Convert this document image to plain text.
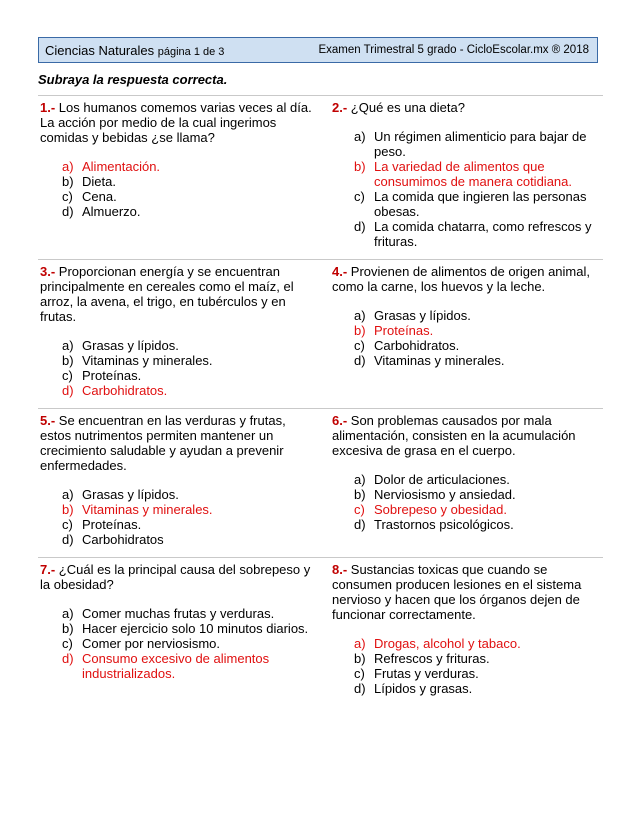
Ciencias Naturales página 1 de 3	Examen Trimestral 5 grado - CicloEscolar.mx ® 2018
Subraya la respuesta correcta.

1.- Los humanos comemos varias veces al día. La acción por medio de la cual ingerimos comidas y bebidas ¿se llama?

a) Alimentación.
b) Dieta.
c) Cena.
d) Almuerzo.

2.- ¿Qué es una dieta?

a) Un régimen alimenticio para bajar de peso.
b) La variedad de alimentos que consumimos de manera cotidiana.
c) La comida que ingieren las personas obesas.
d) La comida chatarra, como refrescos y frituras.

3.- Proporcionan energía y se encuentran principalmente en cereales como el maíz, el arroz, la avena, el trigo, en tubérculos y en frutas.

a) Grasas y lípidos.
b) Vitaminas y minerales.
c) Proteínas.
d) Carbohidratos.

4.- Provienen de alimentos de origen animal, como la carne, los huevos y la leche.

a) Grasas y lípidos.
b) Proteínas.
c) Carbohidratos.
d) Vitaminas y minerales.

5.- Se encuentran en las verduras y frutas, estos nutrimentos permiten mantener un crecimiento saludable y ayudan a prevenir enfermedades.

a) Grasas y lípidos.
b) Vitaminas y minerales.
c) Proteínas.
d) Carbohidratos

6.- Son problemas causados por mala alimentación, consisten en la acumulación excesiva de grasa en el cuerpo.

a) Dolor de articulaciones.
b) Nerviosismo y ansiedad.
c) Sobrepeso y obesidad.
d) Trastornos psicológicos.

7.- ¿Cuál es la principal causa del sobrepeso y la obesidad?

a) Comer muchas frutas y verduras.
b) Hacer ejercicio solo 10 minutos diarios.
c) Comer por nerviosismo.
d) Consumo excesivo de alimentos industrializados.

8.- Sustancias toxicas que cuando se consumen producen lesiones en el sistema nervioso y hacen que los órganos dejen de funcionar correctamente.

a) Drogas, alcohol y tabaco.
b) Refrescos y frituras.
c) Frutas y verduras.
d) Lípidos y grasas.
